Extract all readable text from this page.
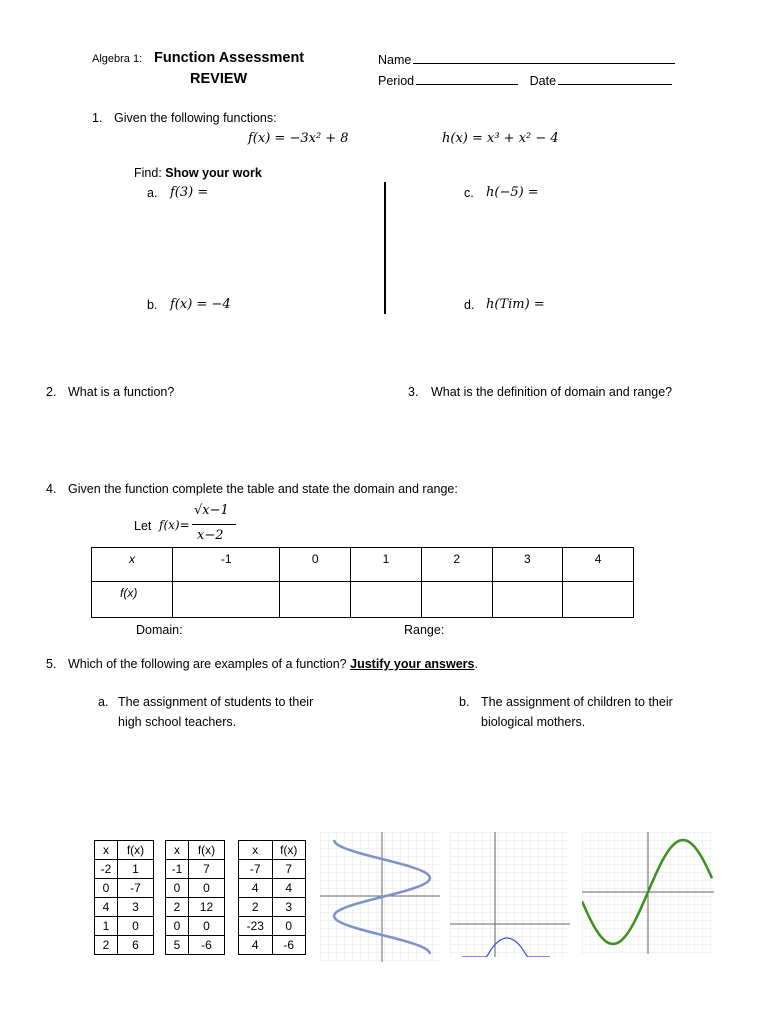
Algebra 1: Function Assessment
REVIEW
Name
Period	Date
1. Given the following functions:
f(x) = −3x² + 8	h(x) = x³ + x² − 4
Find: Show your work
a. f(3) =	c. h(−5) =
b. f(x) = −4	d. h(Tim) =
2. What is a function?	3. What is the definition of domain and range?
4. Given the function complete the table and state the domain and range:
Let f(x)=
√x−1
x−2
x	-1	0	1	2	3	4
f(x)						
Domain:	Range:
5. Which of the following are examples of a function? Justify your answers.
a. The assignment of students to their
high school teachers.
b. The assignment of children to their
biological mothers.
x	f(x)
-2	1
0	-7
4	3
1	0
2	6
x	f(x)
-1	7
0	0
2	12
0	0
5	-6
x	f(x)
-7	7
4	4
2	3
-23	0
4	-6
